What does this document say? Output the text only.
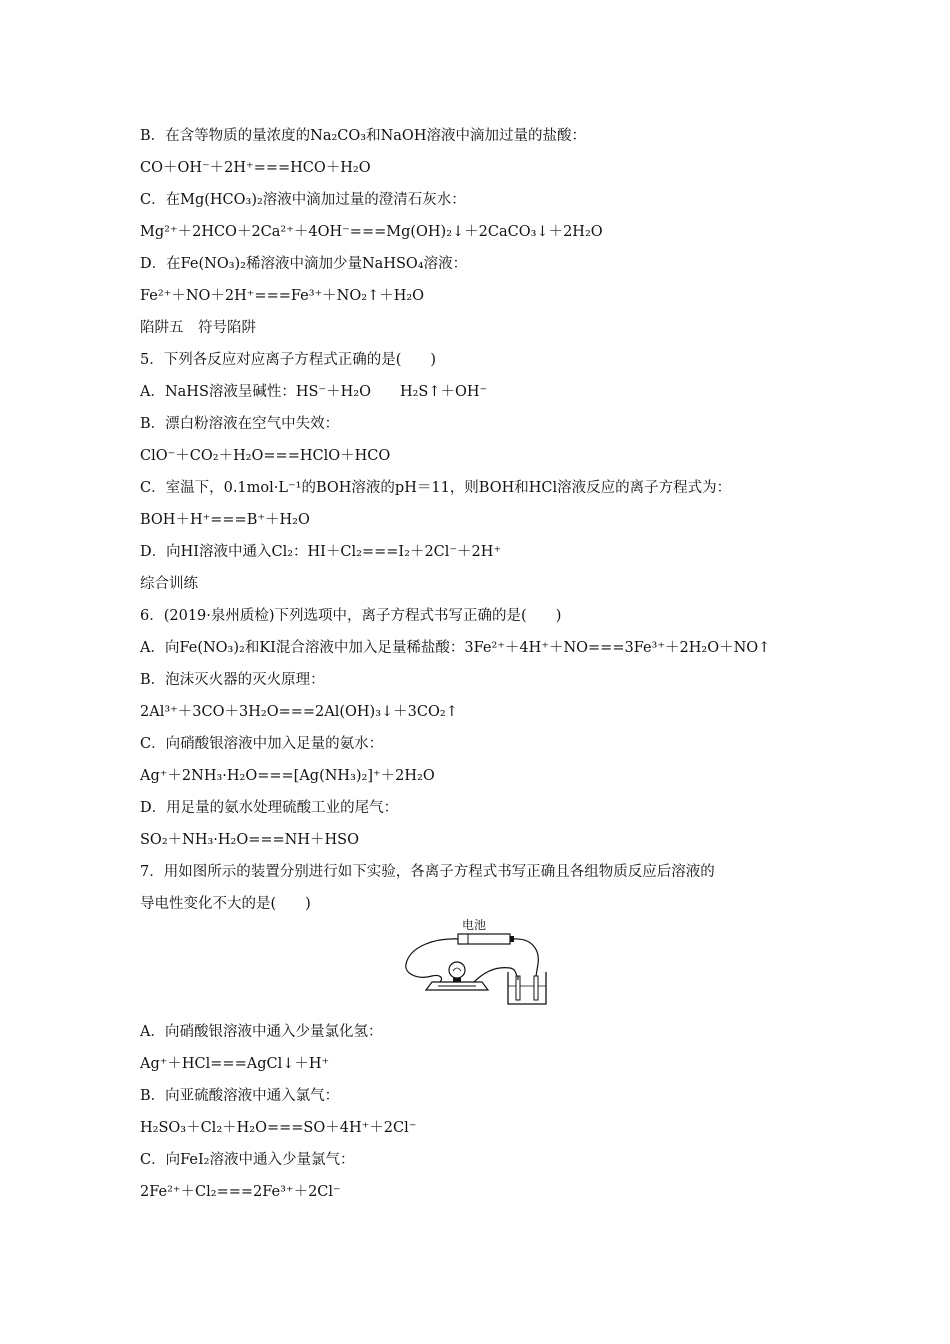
B．在含等物质的量浓度的Na₂CO₃和NaOH溶液中滴加过量的盐酸：
CO＋OH⁻＋2H⁺===HCO＋H₂O
C．在Mg(HCO₃)₂溶液中滴加过量的澄清石灰水：
Mg²⁺＋2HCO＋2Ca²⁺＋4OH⁻===Mg(OH)₂↓＋2CaCO₃↓＋2H₂O
D．在Fe(NO₃)₂稀溶液中滴加少量NaHSO₄溶液：
Fe²⁺＋NO＋2H⁺===Fe³⁺＋NO₂↑＋H₂O
陷阱五　符号陷阱
5．下列各反应对应离子方程式正确的是(　　)
A．NaHS溶液呈碱性：HS⁻＋H₂O　　H₂S↑＋OH⁻
B．漂白粉溶液在空气中失效：
ClO⁻＋CO₂＋H₂O===HClO＋HCO
C．室温下，0.1mol·L⁻¹的BOH溶液的pH＝11，则BOH和HCl溶液反应的离子方程式为：
BOH＋H⁺===B⁺＋H₂O
D．向HI溶液中通入Cl₂：HI＋Cl₂===I₂＋2Cl⁻＋2H⁺
综合训练
6．(2019·泉州质检)下列选项中，离子方程式书写正确的是(　　)
A．向Fe(NO₃)₂和KI混合溶液中加入足量稀盐酸：3Fe²⁺＋4H⁺＋NO===3Fe³⁺＋2H₂O＋NO↑
B．泡沫灭火器的灭火原理：
2Al³⁺＋3CO＋3H₂O===2Al(OH)₃↓＋3CO₂↑
C．向硝酸银溶液中加入足量的氨水：
Ag⁺＋2NH₃·H₂O===[Ag(NH₃)₂]⁺＋2H₂O
D．用足量的氨水处理硫酸工业的尾气：
SO₂＋NH₃·H₂O===NH＋HSO
7．用如图所示的装置分别进行如下实验，各离子方程式书写正确且各组物质反应后溶液的
导电性变化不大的是(　　)
电池
A．向硝酸银溶液中通入少量氯化氢：
Ag⁺＋HCl===AgCl↓＋H⁺
B．向亚硫酸溶液中通入氯气：
H₂SO₃＋Cl₂＋H₂O===SO＋4H⁺＋2Cl⁻
C．向FeI₂溶液中通入少量氯气：
2Fe²⁺＋Cl₂===2Fe³⁺＋2Cl⁻
